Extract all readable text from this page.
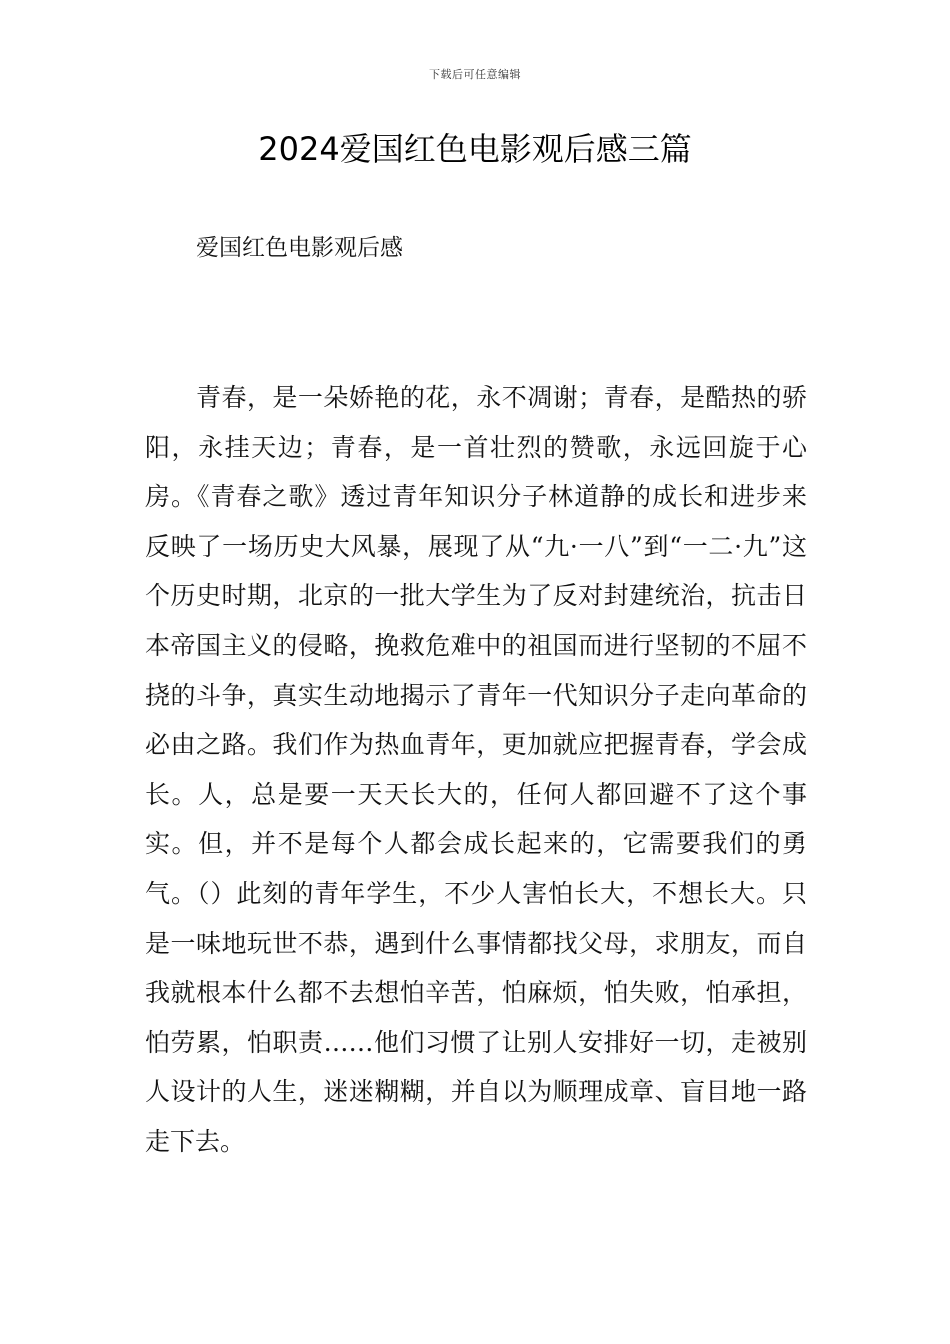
下载后可任意编辑
2024爱国红色电影观后感三篇
爱国红色电影观后感

青春，是一朵娇艳的花，永不凋谢；青春，是酷热的骄阳，永挂天边；青春，是一首壮烈的赞歌，永远回旋于心房。《青春之歌》透过青年知识分子林道静的成长和进步来反映了一场历史大风暴，展现了从“九·一八”到“一二·九”这个历史时期，北京的一批大学生为了反对封建统治，抗击日本帝国主义的侵略，挽救危难中的祖国而进行坚韧的不屈不挠的斗争，真实生动地揭示了青年一代知识分子走向革命的必由之路。我们作为热血青年，更加就应把握青春，学会成长。人，总是要一天天长大的，任何人都回避不了这个事实。但，并不是每个人都会成长起来的，它需要我们的勇气。（）此刻的青年学生，不少人害怕长大，不想长大。只是一味地玩世不恭，遇到什么事情都找父母，求朋友，而自我就根本什么都不去想怕辛苦，怕麻烦，怕失败，怕承担，怕劳累，怕职责……他们习惯了让别人安排好一切，走被别人设计的人生，迷迷糊糊，并自以为顺理成章、盲目地一路走下去。
